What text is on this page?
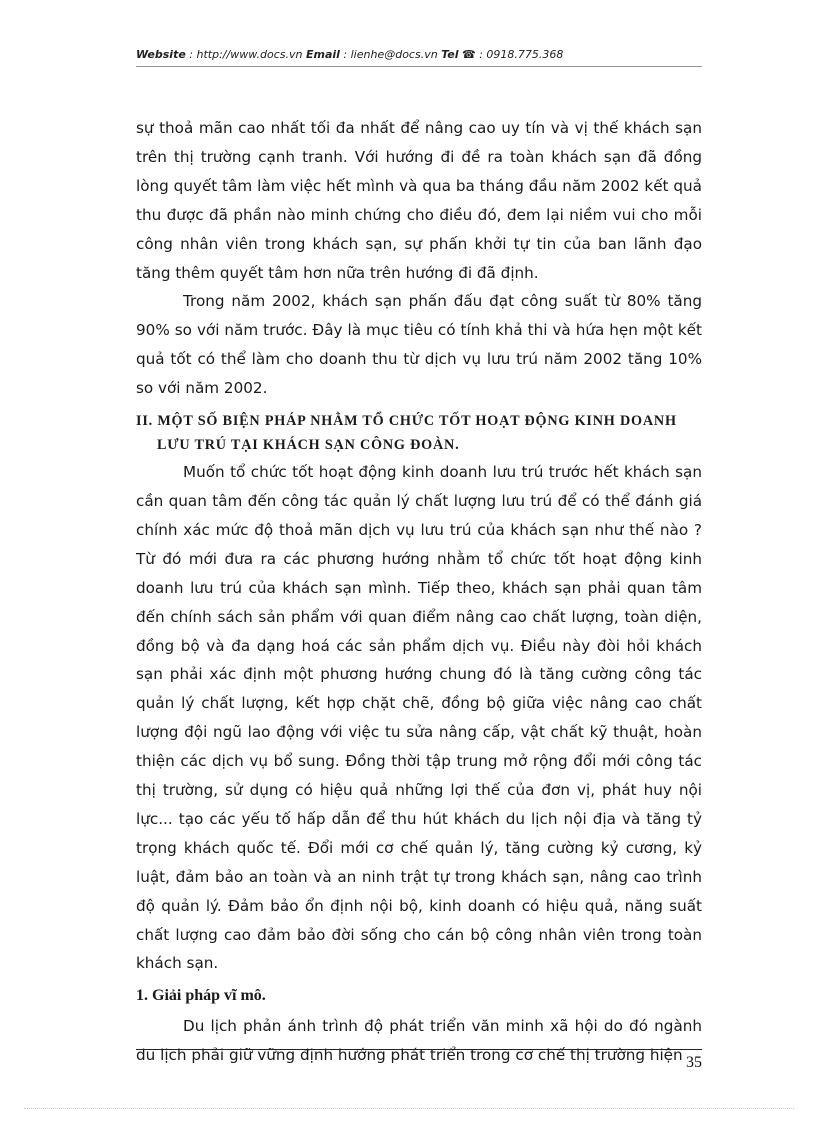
Website : http://www.docs.vn Email : lienhe@docs.vn Tel ☎ : 0918.775.368

sự thoả mãn cao nhất tối đa nhất để nâng cao uy tín và vị thế khách sạn trên thị trường cạnh tranh. Với hướng đi đề ra toàn khách sạn đã đồng lòng quyết tâm làm việc hết mình và qua ba tháng đầu năm 2002 kết quả thu được đã phần nào minh chứng cho điều đó, đem lại niềm vui cho mỗi công nhân viên trong khách sạn, sự phấn khởi tự tin của ban lãnh đạo tăng thêm quyết tâm hơn nữa trên hướng đi đã định.

Trong năm 2002, khách sạn phấn đấu đạt công suất từ 80% tăng 90% so với năm trước. Đây là mục tiêu có tính khả thi và hứa hẹn một kết quả tốt có thể làm cho doanh thu từ dịch vụ lưu trú năm 2002 tăng 10% so với năm 2002.

II. MỘT SỐ BIỆN PHÁP NHẰM TỔ CHỨC TỐT HOẠT ĐỘNG KINH DOANH LƯU TRÚ TẠI KHÁCH SẠN CÔNG ĐOÀN.

Muốn tổ chức tốt hoạt động kinh doanh lưu trú trước hết khách sạn cần quan tâm đến công tác quản lý chất lượng lưu trú để có thể đánh giá chính xác mức độ thoả mãn dịch vụ lưu trú của khách sạn như thế nào ? Từ đó mới đưa ra các phương hướng nhằm tổ chức tốt hoạt động kinh doanh lưu trú của khách sạn mình. Tiếp theo, khách sạn phải quan tâm đến chính sách sản phẩm với quan điểm nâng cao chất lượng, toàn diện, đồng bộ và đa dạng hoá các sản phẩm dịch vụ. Điều này đòi hỏi khách sạn phải xác định một phương hướng chung đó là tăng cường công tác quản lý chất lượng, kết hợp chặt chẽ, đồng bộ giữa việc nâng cao chất lượng đội ngũ lao động với việc tu sửa nâng cấp, vật chất kỹ thuật, hoàn thiện các dịch vụ bổ sung. Đồng thời tập trung mở rộng đổi mới công tác thị trường, sử dụng có hiệu quả những lợi thế của đơn vị, phát huy nội lực... tạo các yếu tố hấp dẫn để thu hút khách du lịch nội địa và tăng tỷ trọng khách quốc tế. Đổi mới cơ chế quản lý, tăng cường kỷ cương, kỷ luật, đảm bảo an toàn và an ninh trật tự trong khách sạn, nâng cao trình độ quản lý. Đảm bảo ổn định nội bộ, kinh doanh có hiệu quả, năng suất chất lượng cao đảm bảo đời sống cho cán bộ công nhân viên trong toàn khách sạn.

1. Giải pháp vĩ mô.

Du lịch phản ánh trình độ phát triển văn minh xã hội do đó ngành du lịch phải giữ vững định hướng phát triển trong cơ chế thị trường hiện 35
